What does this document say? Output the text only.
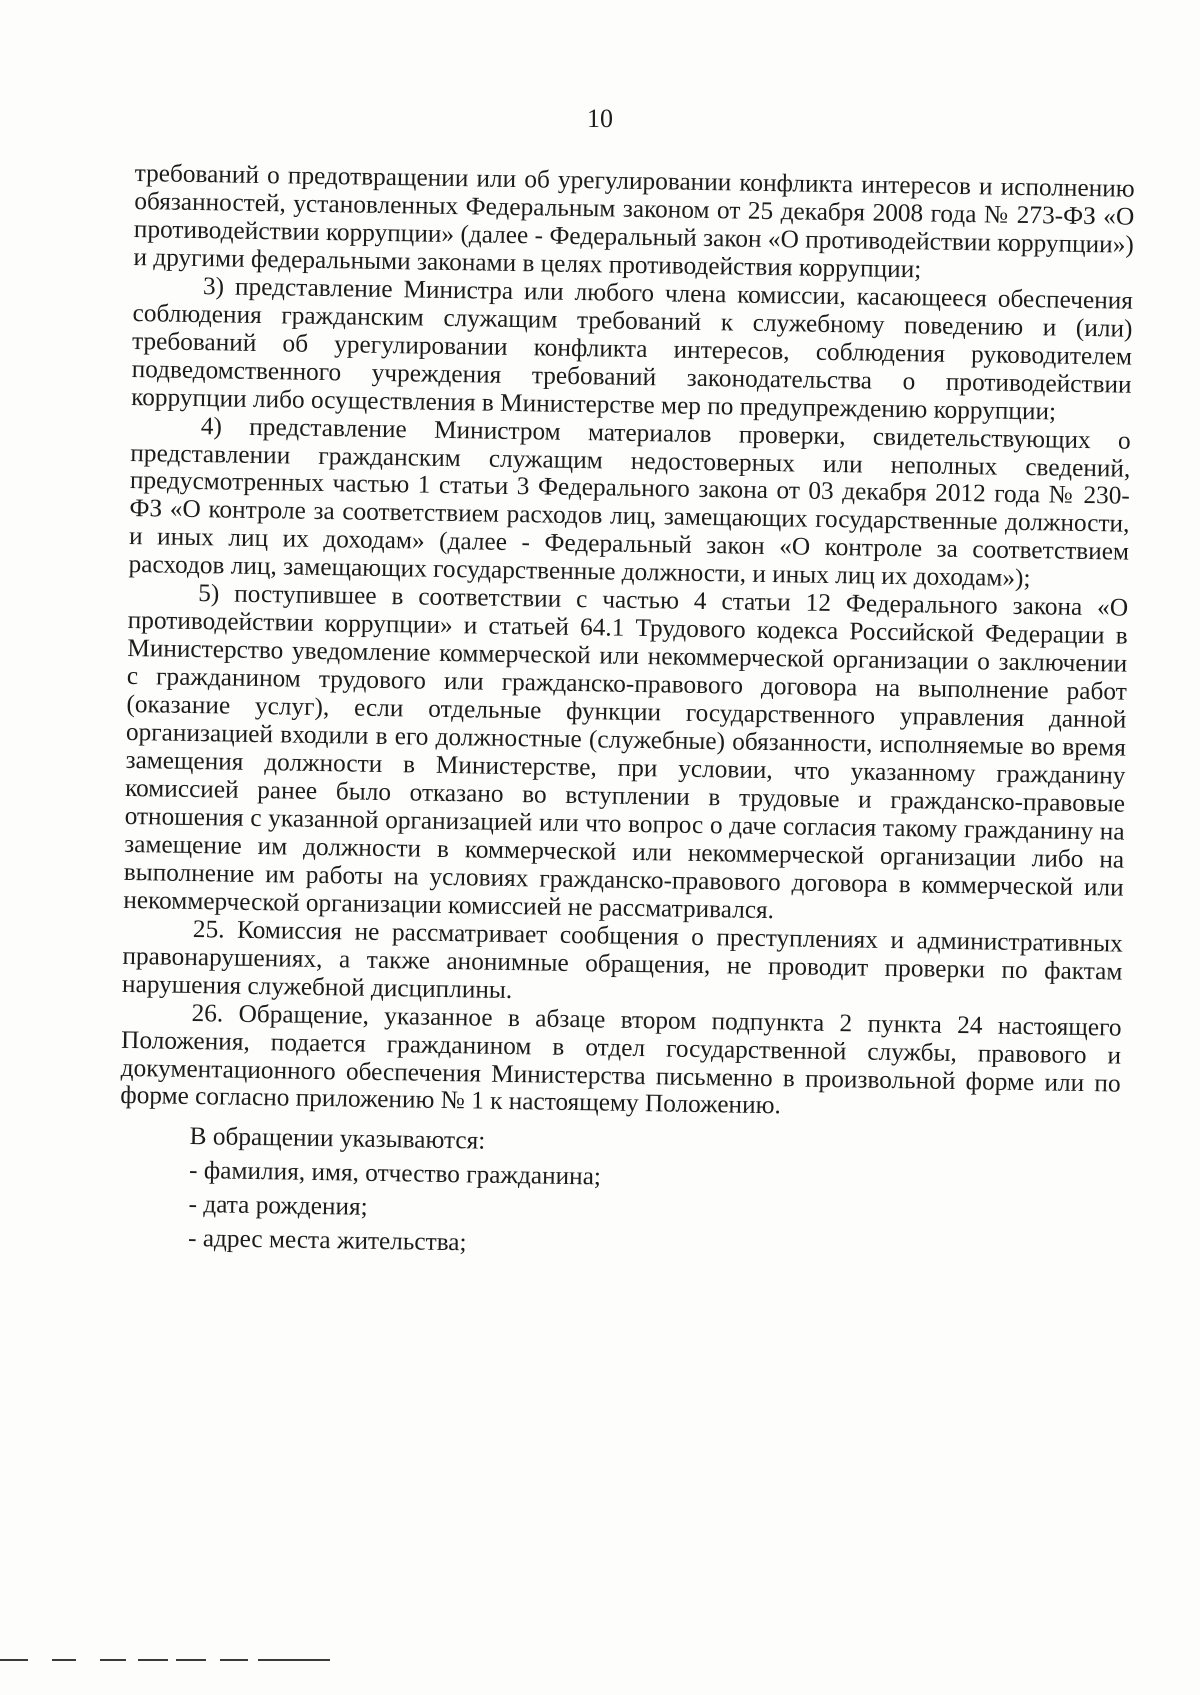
10

требований о предотвращении или об урегулировании конфликта интересов и исполнению обязанностей, установленных Федеральным законом от 25 декабря 2008 года № 273-ФЗ «О противодействии коррупции» (далее - Федеральный закон «О противодействии коррупции») и другими федеральными законами в целях противодействия коррупции;

3) представление Министра или любого члена комиссии, касающееся обеспечения соблюдения гражданским служащим требований к служебному поведению и (или) требований об урегулировании конфликта интересов, соблюдения руководителем подведомственного учреждения требований законодательства о противодействии коррупции либо осуществления в Министерстве мер по предупреждению коррупции;

4) представление Министром материалов проверки, свидетельствующих о представлении гражданским служащим недостоверных или неполных сведений, предусмотренных частью 1 статьи 3 Федерального закона от 03 декабря 2012 года № 230-ФЗ «О контроле за соответствием расходов лиц, замещающих государственные должности, и иных лиц их доходам» (далее - Федеральный закон «О контроле за соответствием расходов лиц, замещающих государственные должности, и иных лиц их доходам»);

5) поступившее в соответствии с частью 4 статьи 12 Федерального закона «О противодействии коррупции» и статьей 64.1 Трудового кодекса Российской Федерации в Министерство уведомление коммерческой или некоммерческой организации о заключении с гражданином трудового или гражданско-правового договора на выполнение работ (оказание услуг), если отдельные функции государственного управления данной организацией входили в его должностные (служебные) обязанности, исполняемые во время замещения должности в Министерстве, при условии, что указанному гражданину комиссией ранее было отказано во вступлении в трудовые и гражданско-правовые отношения с указанной организацией или что вопрос о даче согласия такому гражданину на замещение им должности в коммерческой или некоммерческой организации либо на выполнение им работы на условиях гражданско-правового договора в коммерческой или некоммерческой организации комиссией не рассматривался.

25. Комиссия не рассматривает сообщения о преступлениях и административных правонарушениях, а также анонимные обращения, не проводит проверки по фактам нарушения служебной дисциплины.

26. Обращение, указанное в абзаце втором подпункта 2 пункта 24 настоящего Положения, подается гражданином в отдел государственной службы, правового и документационного обеспечения Министерства письменно в произвольной форме или по форме согласно приложению № 1 к настоящему Положению.

В обращении указываются:

- фамилия, имя, отчество гражданина;

- дата рождения;

- адрес места жительства;
